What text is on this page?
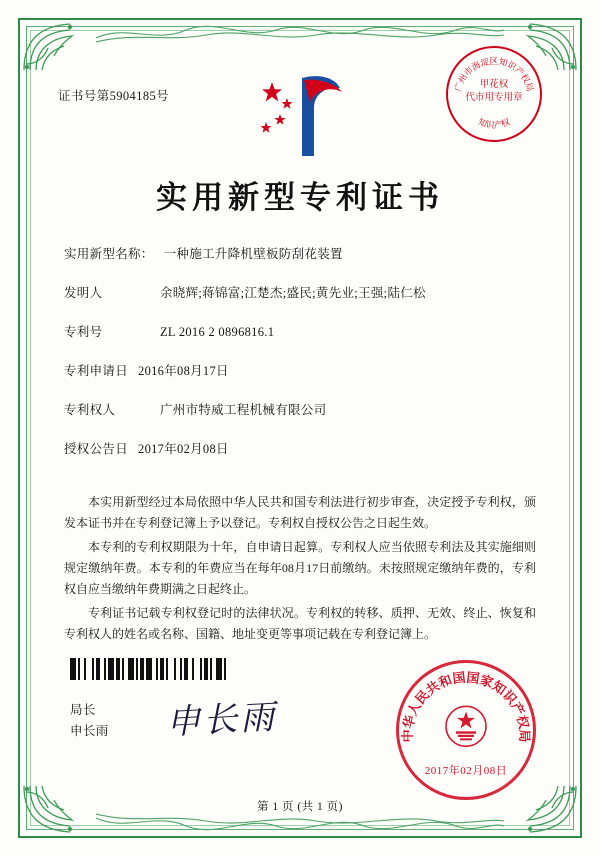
证书号第5904185号
广州市海淀区知识产权局
知识产权
甲花权
代市用专用章
实用新型专利证书
实用新型名称： 一种施工升降机壁板防刮花装置
发明人	余晓辉;蒋锦富;江楚杰;盛民;黄先业;王强;陆仁松
专利号	ZL 2016 2 0896816.1
专利申请日 2016年08月17日
专利权人	广州市特威工程机械有限公司
授权公告日 2017年02月08日

本实用新型经过本局依照中华人民共和国专利法进行初步审查，决定授予专利权，颁发本证书并在专利登记簿上予以登记。专利权自授权公告之日起生效。

本专利的专利权期限为十年，自申请日起算。专利权人应当依照专利法及其实施细则规定缴纳年费。本专利的年费应当在每年08月17日前缴纳。未按照规定缴纳年费的，专利权自应当缴纳年费期满之日起终止。

专利证书记载专利权登记时的法律状况。专利权的转移、质押、无效、终止、恢复和专利权人的姓名或名称、国籍、地址变更等事项记载在专利登记簿上。

局长
申长雨 申长雨	中华人民共和国国家知识产权局
2017年02月08日
第 1 页 (共 1 页)
